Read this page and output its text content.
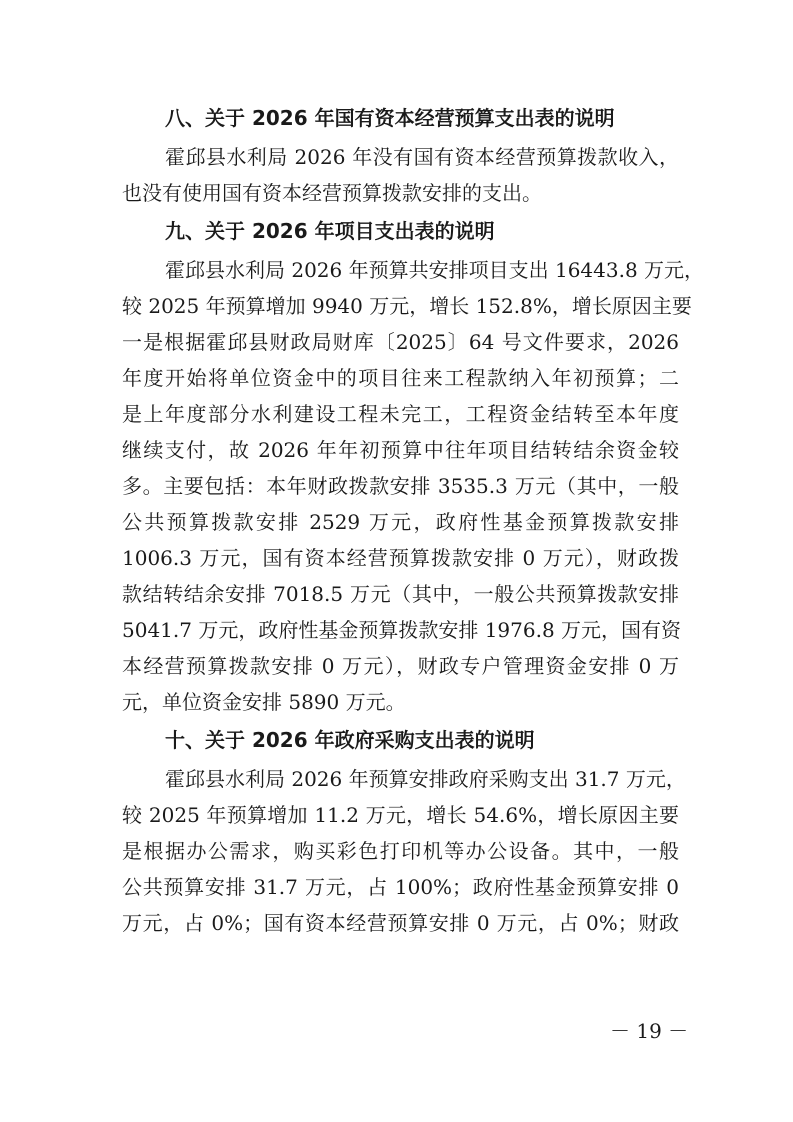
八、关于 2026 年国有资本经营预算支出表的说明
霍邱县水利局 2026 年没有国有资本经营预算拨款收入，
也没有使用国有资本经营预算拨款安排的支出。
九、关于 2026 年项目支出表的说明
霍邱县水利局 2026 年预算共安排项目支出 16443.8 万元，
较 2025 年预算增加 9940 万元，增长 152.8%，增长原因主要
一是根据霍邱县财政局财库〔2025〕64 号文件要求，2026
年度开始将单位资金中的项目往来工程款纳入年初预算；二
是上年度部分水利建设工程未完工，工程资金结转至本年度
继续支付，故 2026 年年初预算中往年项目结转结余资金较
多。主要包括：本年财政拨款安排 3535.3 万元（其中，一般
公共预算拨款安排 2529 万元，政府性基金预算拨款安排
1006.3 万元，国有资本经营预算拨款安排 0 万元），财政拨
款结转结余安排 7018.5 万元（其中，一般公共预算拨款安排
5041.7 万元，政府性基金预算拨款安排 1976.8 万元，国有资
本经营预算拨款安排 0 万元），财政专户管理资金安排 0 万
元，单位资金安排 5890 万元。
十、关于 2026 年政府采购支出表的说明
霍邱县水利局 2026 年预算安排政府采购支出 31.7 万元，
较 2025 年预算增加 11.2 万元，增长 54.6%，增长原因主要
是根据办公需求，购买彩色打印机等办公设备。其中，一般
公共预算安排 31.7 万元，占 100%；政府性基金预算安排 0
万元，占 0%；国有资本经营预算安排 0 万元，占 0%；财政
－ 19 －
